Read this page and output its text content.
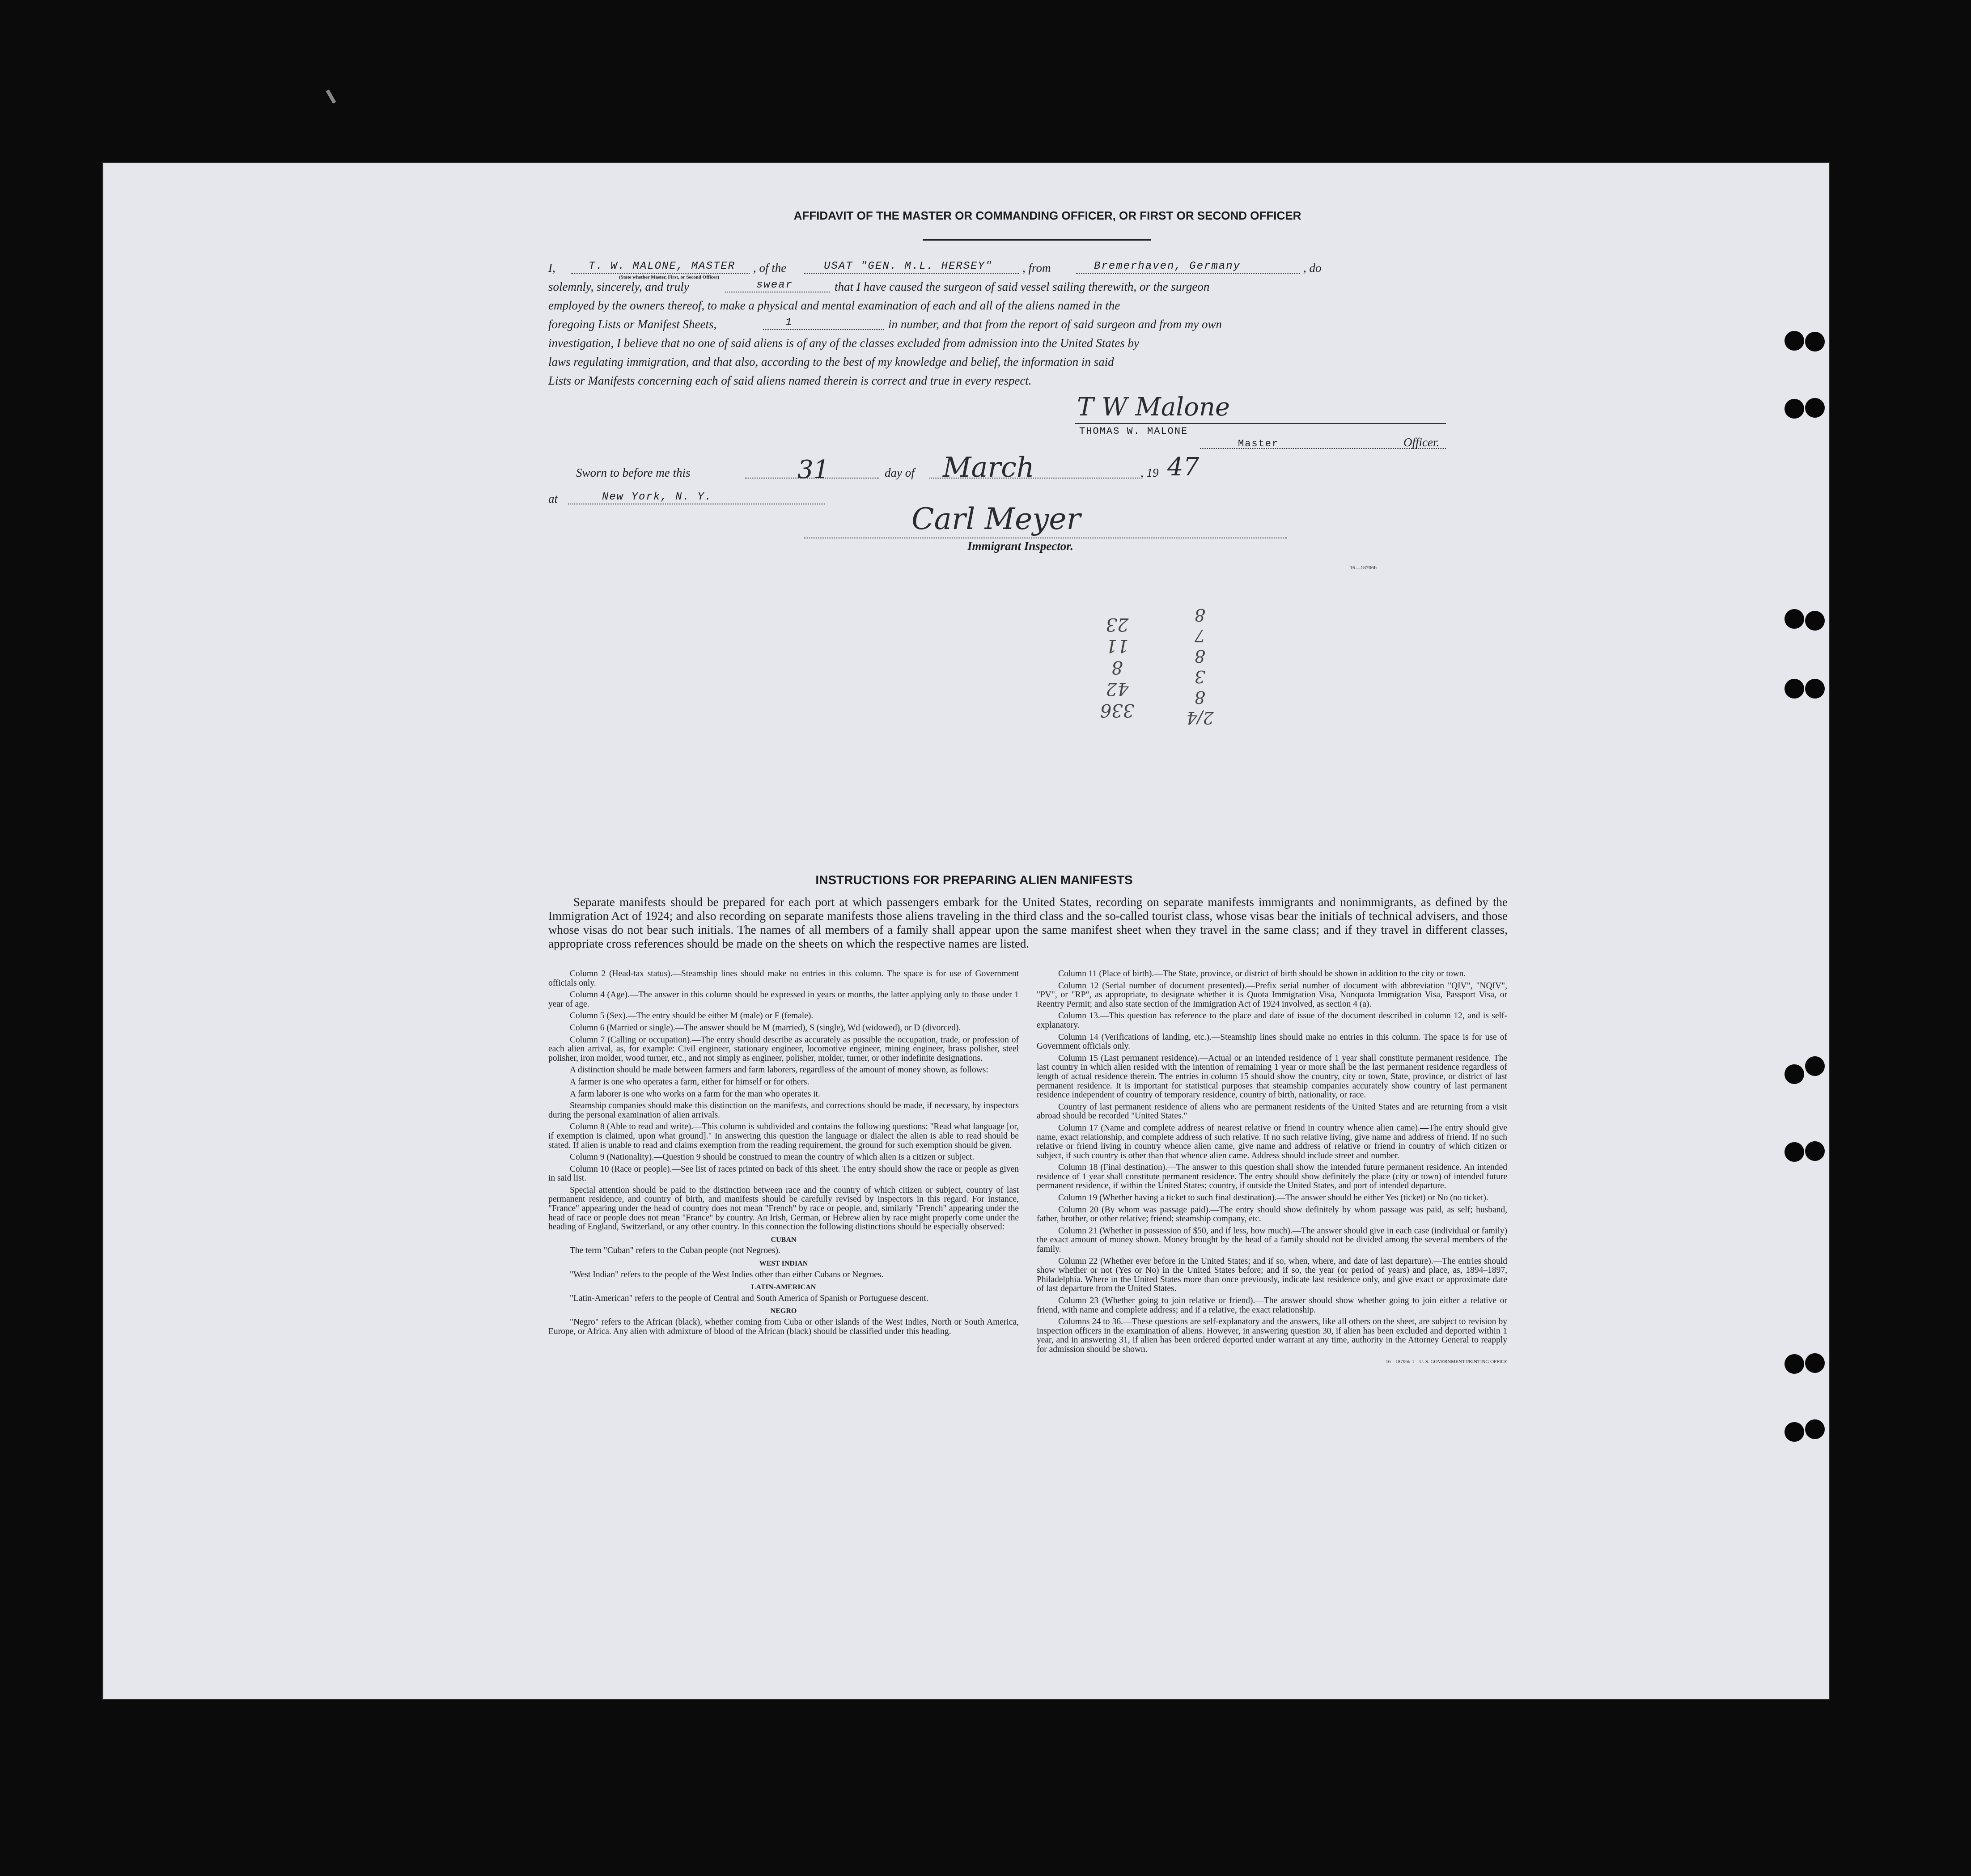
AFFIDAVIT OF THE MASTER OR COMMANDING OFFICER, OR FIRST OR SECOND OFFICER
I,	T. W. MALONE, MASTER
(State whether Master, First, or Second Officer)
, of the	USAT "GEN. M.L. HERSEY" , from	Bremerhaven, Germany	, do
solemnly, sincerely, and truly	swear	that I have caused the surgeon of said vessel sailing therewith, or the surgeon
employed by the owners thereof, to make a physical and mental examination of each and all of the aliens named in the
foregoing Lists or Manifest Sheets,	1	in number, and that from the report of said surgeon and from my own
investigation, I believe that no one of said aliens is of any of the classes excluded from admission into the United States by
laws regulating immigration, and that also, according to the best of my knowledge and belief, the information in said
Lists or Manifests concerning each of said aliens named therein is correct and true in every respect.
T W Malone
THOMAS W. MALONE
Master	Officer.
Sworn to before me this	31	day of March	, 19 47
at	New York, N. Y.
Carl Meyer
Immigrant Inspector.
16—18706b
336
42
8
11
23
2/4
8
3
8
7
8
INSTRUCTIONS FOR PREPARING ALIEN MANIFESTS
Separate manifests should be prepared for each port at which passengers embark for the United States, recording on separate manifests immigrants and nonimmigrants, as defined by the Immigration Act of 1924; and also recording on separate manifests those aliens traveling in the third class and the so-called tourist class, whose visas bear the initials of technical advisers, and those whose visas do not bear such initials. The names of all members of a family shall appear upon the same manifest sheet when they travel in the same class; and if they travel in different classes, appropriate cross references should be made on the sheets on which the respective names are listed.

Column 2 (Head-tax status).—Steamship lines should make no entries in this column. The space is for use of Government officials only.

Column 4 (Age).—The answer in this column should be expressed in years or months, the latter applying only to those under 1 year of age.

Column 5 (Sex).—The entry should be either M (male) or F (female).

Column 6 (Married or single).—The answer should be M (married), S (single), Wd (widowed), or D (divorced).

Column 7 (Calling or occupation).—The entry should describe as accurately as possible the occupation, trade, or profession of each alien arrival, as, for example: Civil engineer, stationary engineer, locomotive engineer, mining engineer, brass polisher, steel polisher, iron molder, wood turner, etc., and not simply as engineer, polisher, molder, turner, or other indefinite designations.

A distinction should be made between farmers and farm laborers, regardless of the amount of money shown, as follows:

A farmer is one who operates a farm, either for himself or for others.

A farm laborer is one who works on a farm for the man who operates it.

Steamship companies should make this distinction on the manifests, and corrections should be made, if necessary, by inspectors during the personal examination of alien arrivals.

Column 8 (Able to read and write).—This column is subdivided and contains the following questions: "Read what language [or, if exemption is claimed, upon what ground]." In answering this question the language or dialect the alien is able to read should be stated. If alien is unable to read and claims exemption from the reading requirement, the ground for such exemption should be given.

Column 9 (Nationality).—Question 9 should be construed to mean the country of which alien is a citizen or subject.

Column 10 (Race or people).—See list of races printed on back of this sheet. The entry should show the race or people as given in said list.

Special attention should be paid to the distinction between race and the country of which citizen or subject, country of last permanent residence, and country of birth, and manifests should be carefully revised by inspectors in this regard. For instance, "France" appearing under the head of country does not mean "French" by race or people, and, similarly "French" appearing under the head of race or people does not mean "France" by country. An Irish, German, or Hebrew alien by race might properly come under the heading of England, Switzerland, or any other country. In this connection the following distinctions should be especially observed:

CUBAN

The term "Cuban" refers to the Cuban people (not Negroes).

WEST INDIAN

"West Indian" refers to the people of the West Indies other than either Cubans or Negroes.

LATIN-AMERICAN

"Latin-American" refers to the people of Central and South America of Spanish or Portuguese descent.

NEGRO

"Negro" refers to the African (black), whether coming from Cuba or other islands of the West Indies, North or South America, Europe, or Africa. Any alien with admixture of blood of the African (black) should be classified under this heading.

Column 11 (Place of birth).—The State, province, or district of birth should be shown in addition to the city or town.

Column 12 (Serial number of document presented).—Prefix serial number of document with abbreviation "QIV", "NQIV", "PV", or "RP", as appropriate, to designate whether it is Quota Immigration Visa, Nonquota Immigration Visa, Passport Visa, or Reentry Permit; and also state section of the Immigration Act of 1924 involved, as section 4 (a).

Column 13.—This question has reference to the place and date of issue of the document described in column 12, and is self-explanatory.

Column 14 (Verifications of landing, etc.).—Steamship lines should make no entries in this column. The space is for use of Government officials only.

Column 15 (Last permanent residence).—Actual or an intended residence of 1 year shall constitute permanent residence. The last country in which alien resided with the intention of remaining 1 year or more shall be the last permanent residence regardless of length of actual residence therein. The entries in column 15 should show the country, city or town, State, province, or district of last permanent residence. It is important for statistical purposes that steamship companies accurately show country of last permanent residence independent of country of temporary residence, country of birth, nationality, or race.

Country of last permanent residence of aliens who are permanent residents of the United States and are returning from a visit abroad should be recorded "United States."

Column 17 (Name and complete address of nearest relative or friend in country whence alien came).—The entry should give name, exact relationship, and complete address of such relative. If no such relative living, give name and address of friend. If no such relative or friend living in country whence alien came, give name and address of relative or friend in country of which citizen or subject, if such country is other than that whence alien came. Address should include street and number.

Column 18 (Final destination).—The answer to this question shall show the intended future permanent residence. An intended residence of 1 year shall constitute permanent residence. The entry should show definitely the place (city or town) of intended future permanent residence, if within the United States; country, if outside the United States, and port of intended departure.

Column 19 (Whether having a ticket to such final destination).—The answer should be either Yes (ticket) or No (no ticket).

Column 20 (By whom was passage paid).—The entry should show definitely by whom passage was paid, as self; husband, father, brother, or other relative; friend; steamship company, etc.

Column 21 (Whether in possession of $50, and if less, how much).—The answer should give in each case (individual or family) the exact amount of money shown. Money brought by the head of a family should not be divided among the several members of the family.

Column 22 (Whether ever before in the United States; and if so, when, where, and date of last departure).—The entries should show whether or not (Yes or No) in the United States before; and if so, the year (or period of years) and place, as, 1894–1897, Philadelphia. Where in the United States more than once previously, indicate last residence only, and give exact or approximate date of last departure from the United States.

Column 23 (Whether going to join relative or friend).—The answer should show whether going to join either a relative or friend, with name and complete address; and if a relative, the exact relationship.

Columns 24 to 36.—These questions are self-explanatory and the answers, like all others on the sheet, are subject to revision by inspection officers in the examination of aliens. However, in answering question 30, if alien has been excluded and deported within 1 year, and in answering 31, if alien has been ordered deported under warrant at any time, authority in the Attorney General to reapply for admission should be shown.

16—18706b-1 U. S. GOVERNMENT PRINTING OFFICE
